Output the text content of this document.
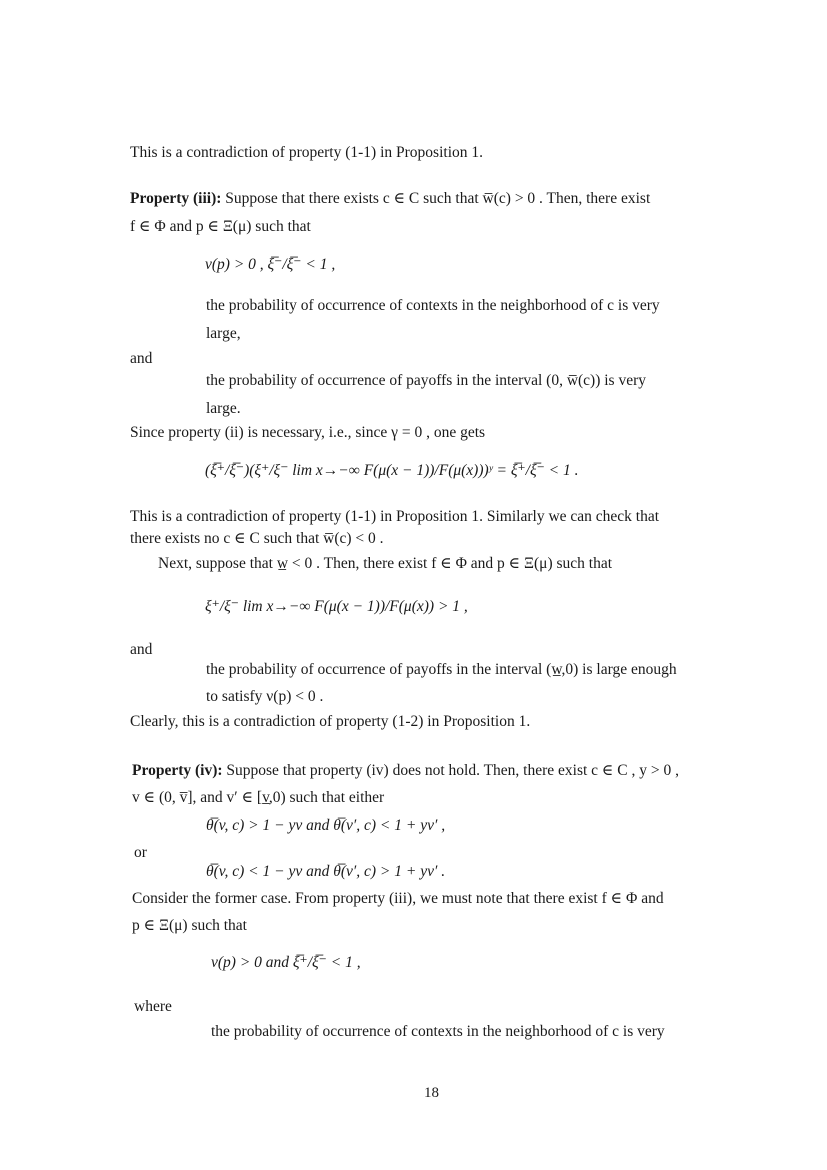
This is a contradiction of property (1-1) in Proposition 1.
Property (iii): Suppose that there exists c ∈ C such that w̅(c) > 0 . Then, there exist
f ∈ Φ and p ∈ Ξ(μ) such that
ν(p) > 0 , ξ̅⁻/ξ̅⁻ < 1 ,
the probability of occurrence of contexts in the neighborhood of c is very
large,
and
the probability of occurrence of payoffs in the interval (0, w̅(c)) is very
large.
Since property (ii) is necessary, i.e., since γ = 0 , one gets
(ξ̅⁺/ξ̅⁻)(ξ⁺/ξ⁻ lim x→−∞ F(μ(x − 1))/F(μ(x)))ʸ = ξ̅⁺/ξ̅⁻ < 1 .
This is a contradiction of property (1-1) in Proposition 1. Similarly we can check that
there exists no c ∈ C such that w̅(c) < 0 .
Next, suppose that w̲ < 0 . Then, there exist f ∈ Φ and p ∈ Ξ(μ) such that
ξ⁺/ξ⁻ lim x→−∞ F(μ(x − 1))/F(μ(x)) > 1 ,
and
the probability of occurrence of payoffs in the interval (w̲,0) is large enough
to satisfy ν(p) < 0 .
Clearly, this is a contradiction of property (1-2) in Proposition 1.
Property (iv): Suppose that property (iv) does not hold. Then, there exist c ∈ C , y > 0 ,
v ∈ (0, v̅], and v′ ∈ [v̲,0) such that either
θ̅(v, c) > 1 − yv and θ̅(v′, c) < 1 + yv′ ,
or
θ̅(v, c) < 1 − yv and θ̅(v′, c) > 1 + yv′ .
Consider the former case. From property (iii), we must note that there exist f ∈ Φ and
p ∈ Ξ(μ) such that
ν(p) > 0 and ξ̅⁺/ξ̅⁻ < 1 ,
where
the probability of occurrence of contexts in the neighborhood of c is very
18
